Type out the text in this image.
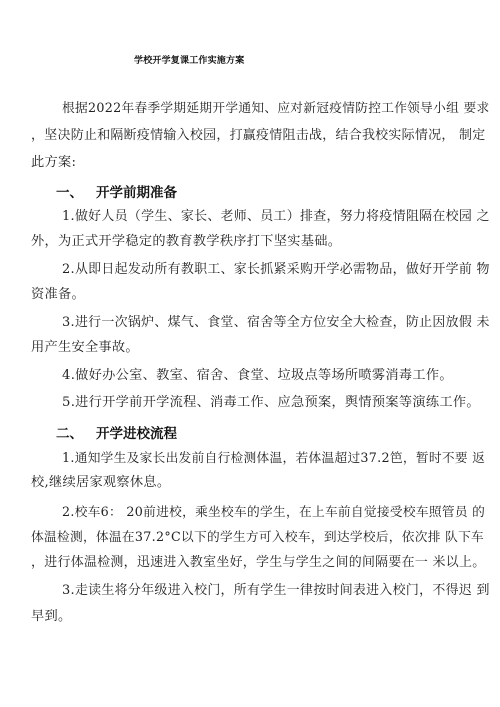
学校开学复课工作实施方案
根据2022年春季学期延期开学通知、应对新冠疫情防控工作领导小组 要求
，坚决防止和隔断疫情输入校园，打赢疫情阻击战，结合我校实际情况， 制定
此方案:
一、 开学前期准备
1.做好人员（学生、家长、老师、员工）排查，努力将疫情阻隔在校园 之
外，为正式开学稳定的教育教学秩序打下坚实基础。
2.从即日起发动所有教职工、家长抓紧采购开学必需物品，做好开学前 物
资准备。
3.进行一次锅炉、煤气、食堂、宿舍等全方位安全大检查，防止因放假 未
用产生安全事故。
4.做好办公室、教室、宿舍、食堂、垃圾点等场所喷雾消毒工作。
5.进行开学前开学流程、消毒工作、应急预案，舆情预案等演练工作。
二、 开学进校流程
1.通知学生及家长出发前自行检测体温，若体温超过37.2笆，暂时不要 返
校,继续居家观察休息。
2.校车6： 20前进校，乘坐校车的学生，在上车前自觉接受校车照管员 的
体温检测，体温在37.2°C以下的学生方可入校车，到达学校后，依次排 队下车
，进行体温检测，迅速进入教室坐好，学生与学生之间的间隔要在一 米以上。
3.走读生将分年级进入校门，所有学生一律按时间表进入校门，不得迟 到
早到。
